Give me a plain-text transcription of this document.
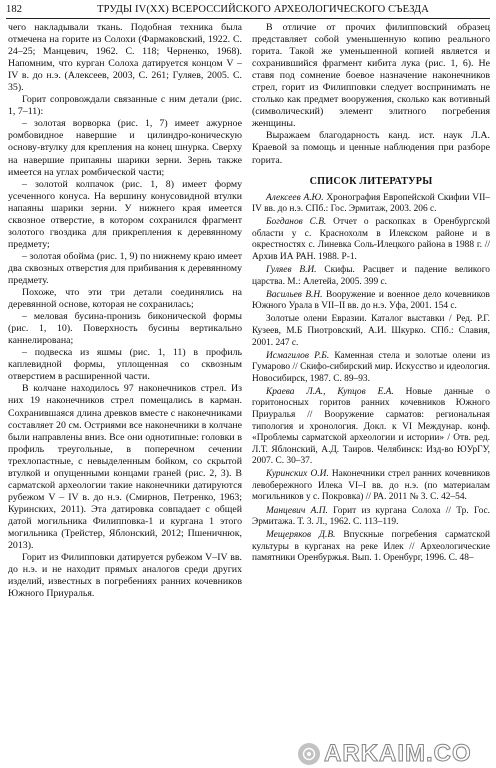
182	ТРУДЫ IV(XX) ВСЕРОССИЙСКОГО АРХЕОЛОГИЧЕСКОГО СЪЕЗДА

чего накладывали ткань. Подобная техника была отмечена на горите из Солохи (Фармаковский, 1922. С. 24–25; Манцевич, 1962. С. 118; Черненко, 1968). Напомним, что курган Солоха датируется концом V – IV в. до н.э. (Алексеев, 2003, С. 261; Гуляев, 2005. С. 35).

Горит сопровождали связанные с ним детали (рис. 1, 7–11):

– золотая ворворка (рис. 1, 7) имеет ажурное ромбовидное навершие и цилиндро-коническую основу-втулку для крепления на конец шнурка. Сверху на навершие припаяны шарики зерни. Зернь также имеется на углах ромбической части;

– золотой колпачок (рис. 1, 8) имеет форму усеченного конуса. На вершину конусовидной втулки напаяны шарики зерни. У нижнего края имеется сквозное отверстие, в котором сохранился фрагмент золотого гвоздика для прикрепления к деревянному предмету;

– золотая обойма (рис. 1, 9) по нижнему краю имеет два сквозных отверстия для прибивания к деревянному предмету.

Похоже, что эти три детали соединялись на деревянной основе, которая не сохранилась;

– меловая бусина-пронизь биконической формы (рис. 1, 10). Поверхность бусины вертикально каннелирована;

– подвеска из яшмы (рис. 1, 11) в профиль каплевидной формы, уплощенная со сквозным отверстием в расширенной части.

В колчане находилось 97 наконечников стрел. Из них 19 наконечников стрел помещались в карман. Сохранившаяся длина древков вместе с наконечниками составляет 20 см. Остриями все наконечники в колчане были направлены вниз. Все они однотипные: головки в профиль треугольные, в поперечном сечении трехлопастные, с невыделенным бойком, со скрытой втулкой и опущенными концами граней (рис. 2, 3). В сарматской археологии такие наконечники датируются рубежом V – IV в. до н.э. (Смирнов, Петренко, 1963; Куринских, 2011). Эта датировка совпадает с общей датой могильника Филипповка-1 и кургана 1 этого могильника (Трейстер, Яблонский, 2012; Пшеничнюк, 2013).

Горит из Филипповки датируется рубежом V–IV вв. до н.э. и не находит прямых аналогов среди других изделий, известных в погребениях ранних кочевников Южного Приуралья.

В отличие от прочих филипповский образец представляет собой уменьшенную копию реального горита. Такой же уменьшенной копией является и сохранившийся фрагмент кибита лука (рис. 1, 6). Не ставя под сомнение боевое назначение наконечников стрел, горит из Филипповки следует воспринимать не столько как предмет вооружения, сколько как вотивный (символический) элемент элитного погребения женщины.

Выражаем благодарность канд. ист. наук Л.А. Краевой за помощь и ценные наблюдения при разборе горита.

СПИСОК ЛИТЕРАТУРЫ

Алексеев А.Ю. Хронография Европейской Скифии VII–IV вв. до н.э. СПб.: Гос. Эрмитаж, 2003. 206 с.

Богданов С.В. Отчет о раскопках в Оренбургской области у с. Краснохолм в Илекском районе и в окрестностях с. Линевка Соль-Илецкого района в 1988 г. // Архив ИА РАН. 1988. Р-1.

Гуляев В.И. Скифы. Расцвет и падение великого царства. М.: Алетейа, 2005. 399 с.

Васильев В.Н. Вооружение и военное дело кочевников Южного Урала в VII–II вв. до н.э. Уфа, 2001. 154 с.

Золотые олени Евразии. Каталог выставки / Ред. Р.Г. Кузеев, М.Б Пиотровский, А.И. Шкурко. СПб.: Славия, 2001. 247 с.

Исмагилов Р.Б. Каменная стела и золотые олени из Гумарово // Скифо-сибирский мир. Искусство и идеология. Новосибирск, 1987. С. 89–93.

Краева Л.А., Купцов Е.А. Новые данные о горитоносных горитов ранних кочевников Южного Приуралья // Вооружение сарматов: региональная типология и хронология. Докл. к VI Междунар. конф. «Проблемы сарматской археологии и истории» / Отв. ред. Л.Т. Яблонский, А.Д. Таиров. Челябинск: Изд-во ЮУрГУ, 2007. С. 30–37.

Куринских О.И. Наконечники стрел ранних кочевников левобережного Илека VI–I вв. до н.э. (по материалам могильников у с. Покровка) // РА. 2011 № 3. С. 42–54.

Манцевич А.П. Горит из кургана Солоха // Тр. Гос. Эрмитажа. Т. 3. Л., 1962. С. 113–119.

Мещеряков Д.В. Впускные погребения сарматской культуры в курганах на реке Илек // Археологические памятники Оренбуржья. Вып. 1. Оренбург, 1996. С. 48–

ARKAIM.CO
